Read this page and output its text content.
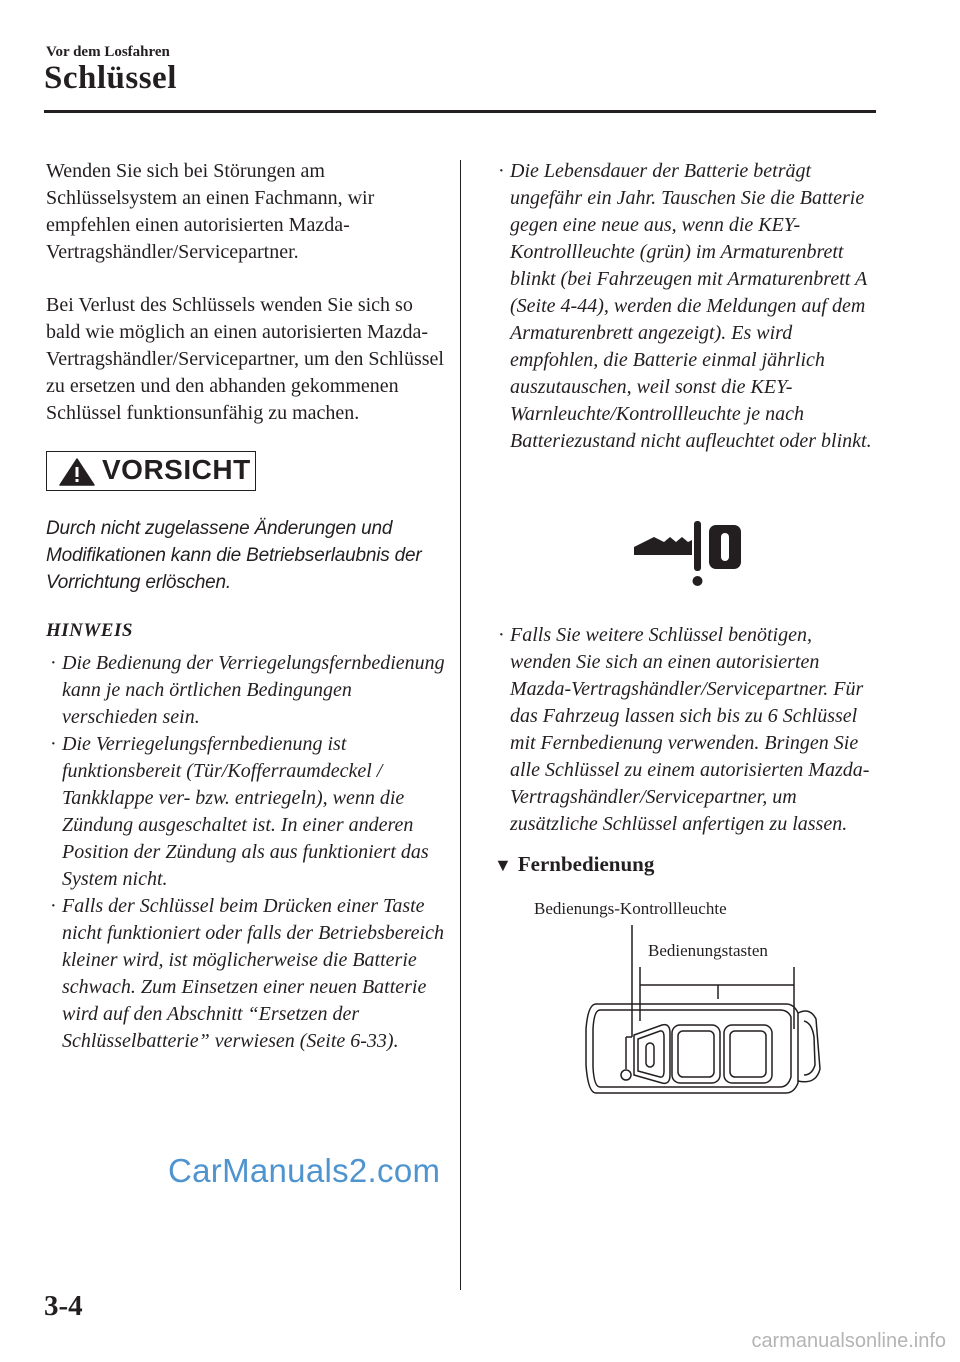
Vor dem Losfahren
Schlüssel

Wenden Sie sich bei Störungen am Schlüsselsystem an einen Fachmann, wir empfehlen einen autorisierten Mazda-Vertragshändler/Servicepartner.

Bei Verlust des Schlüssels wenden Sie sich so bald wie möglich an einen autorisierten Mazda-Vertragshändler/Servicepartner, um den Schlüssel zu ersetzen und den abhanden gekommenen Schlüssel funktionsunfähig zu machen.

VORSICHT

Durch nicht zugelassene Änderungen und Modifikationen kann die Betriebserlaubnis der Vorrichtung erlöschen.

HINWEIS
· Die Bedienung der Verriegelungsfernbedienung kann je nach örtlichen Bedingungen verschieden sein.
· Die Verriegelungsfernbedienung ist funktionsbereit (Tür/Kofferraumdeckel / Tankklappe ver- bzw. entriegeln), wenn die Zündung ausgeschaltet ist. In einer anderen Position der Zündung als aus funktioniert das System nicht.
· Falls der Schlüssel beim Drücken einer Taste nicht funktioniert oder falls der Betriebsbereich kleiner wird, ist möglicherweise die Batterie schwach. Zum Einsetzen einer neuen Batterie wird auf den Abschnitt “Ersetzen der Schlüsselbatterie” verwiesen (Seite 6-33).
· Die Lebensdauer der Batterie beträgt ungefähr ein Jahr. Tauschen Sie die Batterie gegen eine neue aus, wenn die KEY-Kontrollleuchte (grün) im Armaturenbrett blinkt (bei Fahrzeugen mit Armaturenbrett A (Seite 4-44), werden die Meldungen auf dem Armaturenbrett angezeigt). Es wird empfohlen, die Batterie einmal jährlich auszutauschen, weil sonst die KEY-Warnleuchte/Kontrollleuchte je nach Batteriezustand nicht aufleuchtet oder blinkt.
· Falls Sie weitere Schlüssel benötigen, wenden Sie sich an einen autorisierten Mazda-Vertragshändler/Servicepartner. Für das Fahrzeug lassen sich bis zu 6 Schlüssel mit Fernbedienung verwenden. Bringen Sie alle Schlüssel zu einem autorisierten Mazda-Vertragshändler/Servicepartner, um zusätzliche Schlüssel anfertigen zu lassen.
▼ Fernbedienung
Bedienungs-Kontrollleuchte
Bedienungstasten
CarManuals2.com
3-4
carmanualsonline.info
